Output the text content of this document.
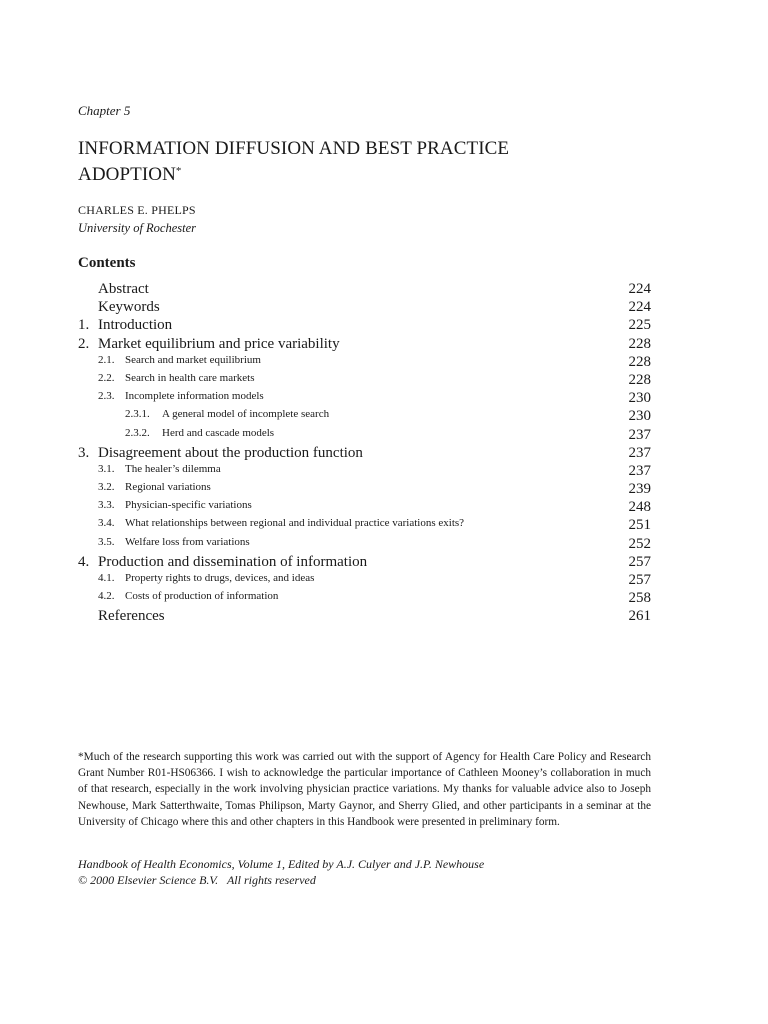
Chapter 5
INFORMATION DIFFUSION AND BEST PRACTICE
ADOPTION*
CHARLES E. PHELPS
University of Rochester
Contents
Abstract	224
Keywords	224
1. Introduction	225
2. Market equilibrium and price variability	228
2.1. Search and market equilibrium	228
2.2. Search in health care markets	228
2.3. Incomplete information models	230
2.3.1.	A general model of incomplete search	230
2.3.2.	Herd and cascade models	237
3. Disagreement about the production function	237
3.1. The healer’s dilemma	237
3.2. Regional variations	239
3.3. Physician-specific variations	248
3.4. What relationships between regional and individual practice variations exits?	251
3.5. Welfare loss from variations	252
4. Production and dissemination of information	257
4.1. Property rights to drugs, devices, and ideas	257
4.2. Costs of production of information	258
References	261

*Much of the research supporting this work was carried out with the support of Agency for Health Care Policy and Research Grant Number R01-HS06366. I wish to acknowledge the particular importance of Cathleen Mooney’s collaboration in much of that research, especially in the work involving physician practice variations. My thanks for valuable advice also to Joseph Newhouse, Mark Satterthwaite, Tomas Philipson, Marty Gaynor, and Sherry Glied, and other participants in a seminar at the University of Chicago where this and other chapters in this Handbook were presented in preliminary form.

Handbook of Health Economics, Volume 1, Edited by A.J. Culyer and J.P. Newhouse
© 2000 Elsevier Science B.V.   All rights reserved
